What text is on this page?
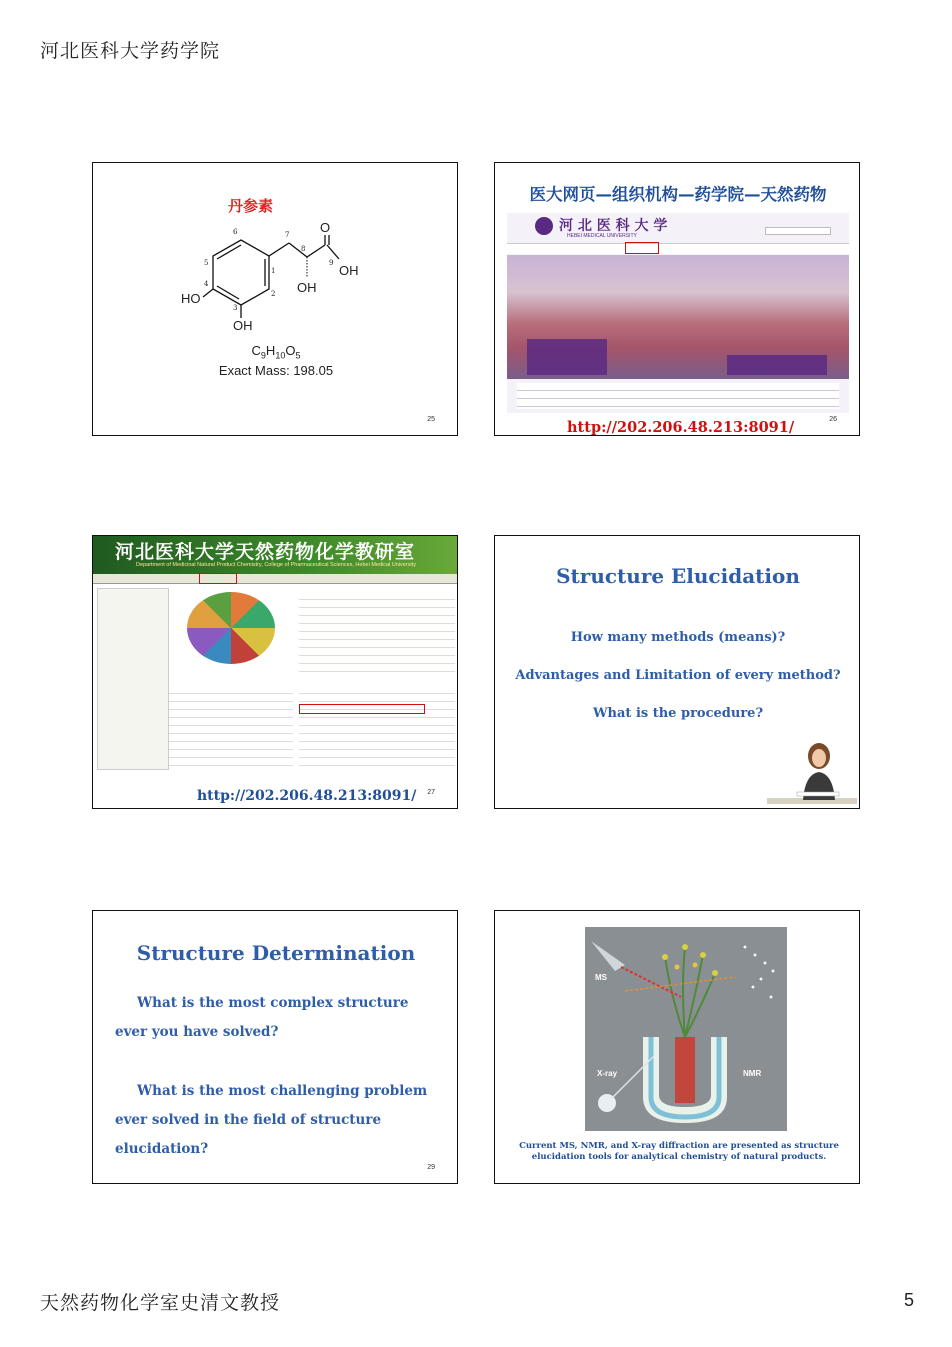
河北医科大学药学院
丹参素
O
OH
OH
HO
OH
1
2
3
4
5
6	7
8
9
$C_9H_{10}O_5$
Exact Mass: 198.05
25
医大网页—组织机构—药学院—天然药物
河 北 医 科 大 学
HEBEI MEDICAL UNIVERSITY
http://202.206.48.213:8091/	26
河北医科大学天然药物化学教研室
Department of Medicinal Natural Product Chemistry, College of Pharmaceutical Sciences, Hebei Medical University
http://202.206.48.213:8091/ 27
Structure Elucidation
How many methods (means)?
Advantages and Limitation of every method?
What is the procedure?
Structure Determination
What is the most complex structure ever you have solved?
What is the most challenging problem ever solved in the field of structure elucidation?
29
MS
X-ray	NMR
Current MS, NMR, and X-ray diffraction are presented as structure elucidation tools for analytical chemistry of natural products.
天然药物化学室史清文教授	5
